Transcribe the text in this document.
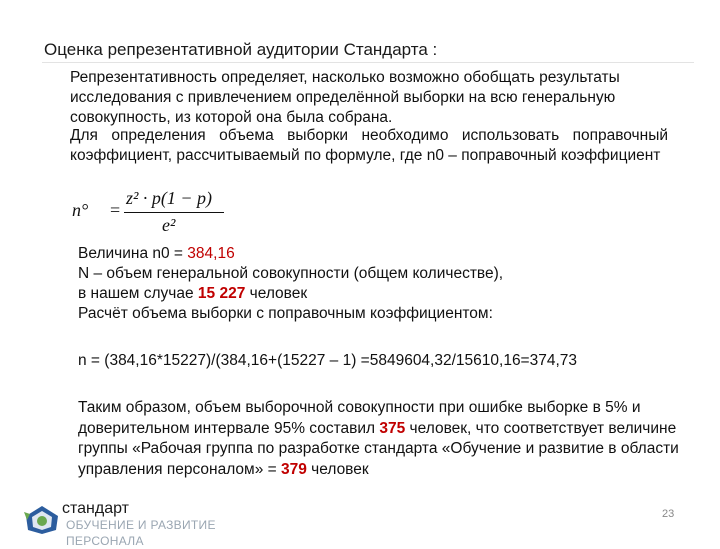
Оценка репрезентативной аудитории Стандарта :
Репрезентативность определяет, насколько возможно обобщать результаты исследования с привлечением определённой выборки на всю генеральную совокупность, из которой она была собрана.
Для определения объема выборки необходимо использовать поправочный коэффициент, рассчитываемый по формуле, где n0 – поправочный коэффициент
n° =
z² · p(1 − p)
e²
Величина n0 = 384,16
N – объем генеральной совокупности (общем количестве),
в нашем случае 15 227 человек
Расчёт объема выборки с поправочным коэффициентом:
n = (384,16*15227)/(384,16+(15227 – 1) =5849604,32/15610,16=374,73
Таким образом, объем выборочной совокупности при ошибке выборке в 5% и доверительном интервале 95% составил 375 человек, что соответствует величине группы «Рабочая группа по разработке стандарта «Обучение и развитие в области управления персоналом» = 379 человек
23
стандарт
ОБУЧЕНИЕ И РАЗВИТИЕ
ПЕРСОНАЛА
